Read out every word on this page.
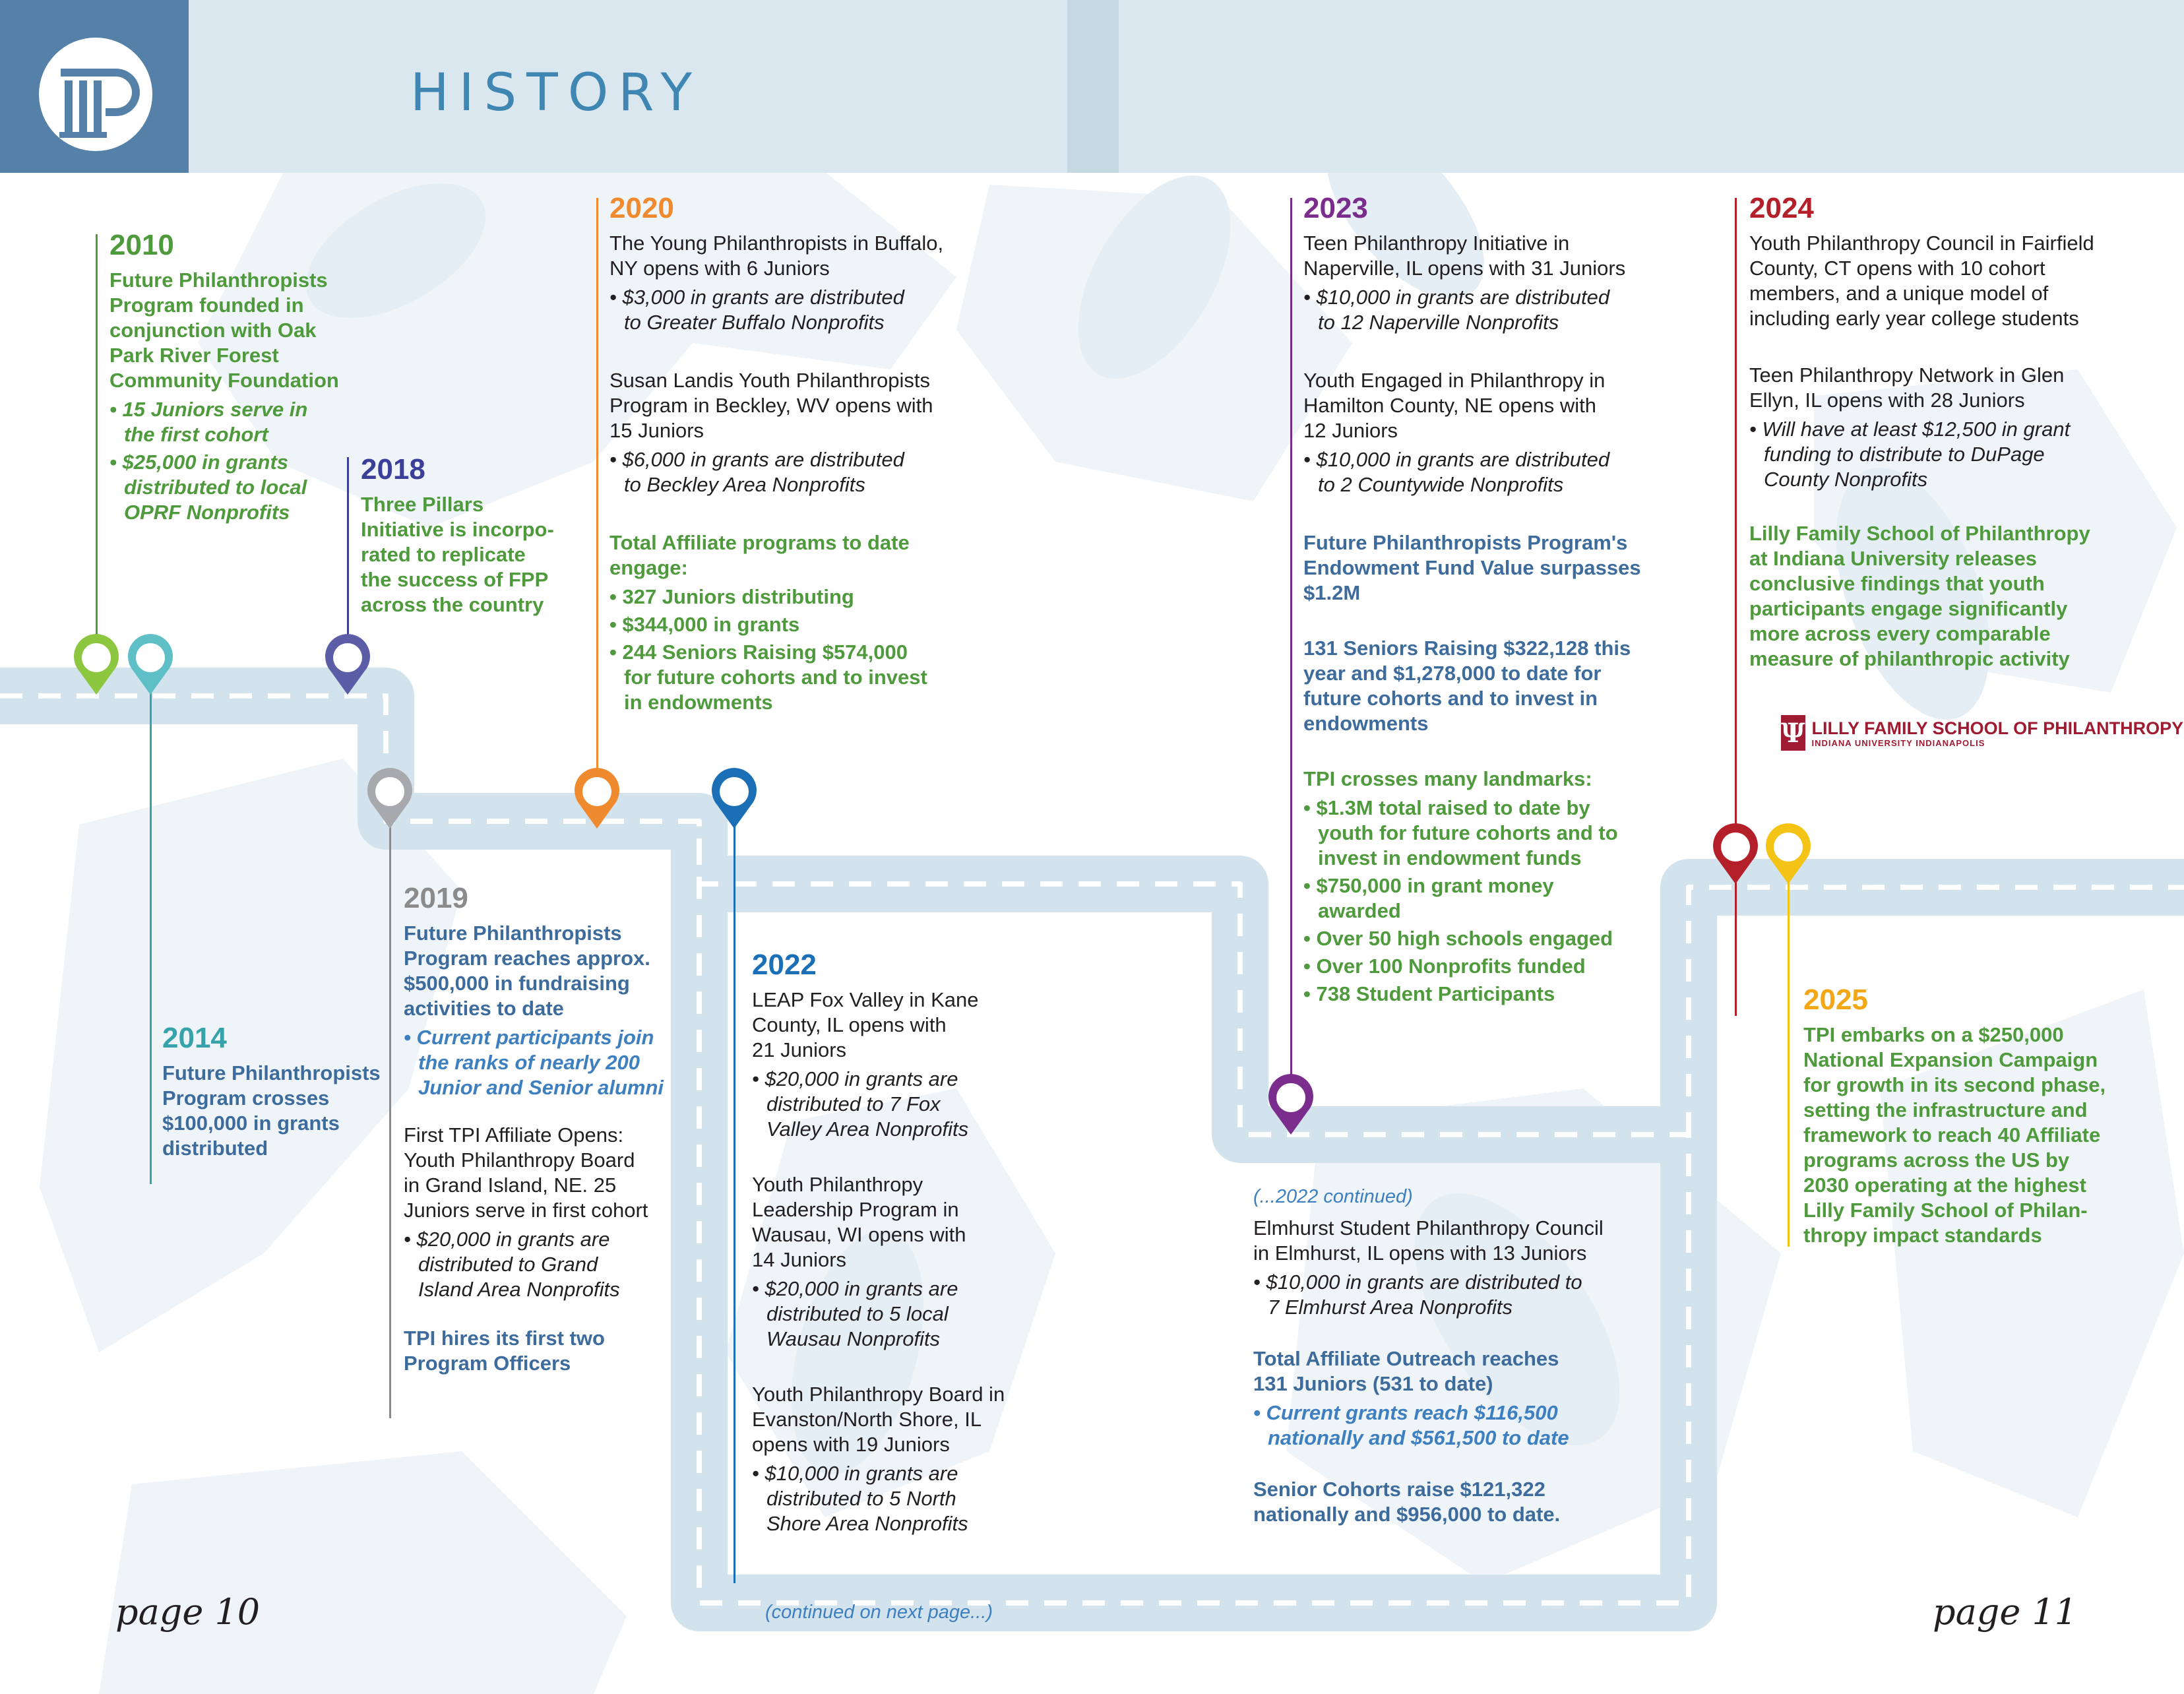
HISTORY
2010
Future Philanthropists
Program founded in
conjunction with Oak
Park River Forest
Community Foundation
• 15 Juniors serve in
the first cohort
• $25,000 in grants
distributed to local
OPRF Nonprofits
2014
Future Philanthropists
Program crosses
$100,000 in grants
distributed
2018
Three Pillars
Initiative is incorpo-
rated to replicate
the success of FPP
across the country
2019
Future Philanthropists
Program reaches approx.
$500,000 in fundraising
activities to date
• Current participants join
the ranks of nearly 200
Junior and Senior alumni
First TPI Affiliate Opens:
Youth Philanthropy Board
in Grand Island, NE. 25
Juniors serve in first cohort
• $20,000 in grants are
distributed to Grand
Island Area Nonprofits
TPI hires its first two
Program Officers
2020
The Young Philanthropists in Buffalo,
NY opens with 6 Juniors
• $3,000 in grants are distributed
to Greater Buffalo Nonprofits
Susan Landis Youth Philanthropists
Program in Beckley, WV opens with
15 Juniors
• $6,000 in grants are distributed
to Beckley Area Nonprofits
Total Affiliate programs to date
engage:
• 327 Juniors distributing
• $344,000 in grants
• 244 Seniors Raising $574,000
for future cohorts and to invest
in endowments
2022
LEAP Fox Valley in Kane
County, IL opens with
21 Juniors
• $20,000 in grants are
distributed to 7 Fox
Valley Area Nonprofits
Youth Philanthropy
Leadership Program in
Wausau, WI opens with
14 Juniors
• $20,000 in grants are
distributed to 5 local
Wausau Nonprofits
Youth Philanthropy Board in
Evanston/North Shore, IL
opens with 19 Juniors
• $10,000 in grants are
distributed to 5 North
Shore Area Nonprofits
(continued on next page...)
(...2022 continued)
Elmhurst Student Philanthropy Council
in Elmhurst, IL opens with 13 Juniors
• $10,000 in grants are distributed to
7 Elmhurst Area Nonprofits
Total Affiliate Outreach reaches
131 Juniors (531 to date)
• Current grants reach $116,500
nationally and $561,500 to date
Senior Cohorts raise $121,322
nationally and $956,000 to date.
2023
Teen Philanthropy Initiative in
Naperville, IL opens with 31 Juniors
• $10,000 in grants are distributed
to 12 Naperville Nonprofits
Youth Engaged in Philanthropy in
Hamilton County, NE opens with
12 Juniors
• $10,000 in grants are distributed
to 2 Countywide Nonprofits
Future Philanthropists Program's
Endowment Fund Value surpasses
$1.2M
131 Seniors Raising $322,128 this
year and $1,278,000 to date for
future cohorts and to invest in
endowments
TPI crosses many landmarks:
• $1.3M total raised to date by
youth for future cohorts and to
invest in endowment funds
• $750,000 in grant money
awarded
• Over 50 high schools engaged
• Over 100 Nonprofits funded
• 738 Student Participants
2024
Youth Philanthropy Council in Fairfield
County, CT opens with 10 cohort
members, and a unique model of
including early year college students
Teen Philanthropy Network in Glen
Ellyn, IL opens with 28 Juniors
• Will have at least $12,500 in grant
funding to distribute to DuPage
County Nonprofits
Lilly Family School of Philanthropy
at Indiana University releases
conclusive findings that youth
participants engage significantly
more across every comparable
measure of philanthropic activity
Ψ LILLY FAMILY SCHOOL OF PHILANTHROPY
INDIANA UNIVERSITY INDIANAPOLIS
2025
TPI embarks on a $250,000
National Expansion Campaign
for growth in its second phase,
setting the infrastructure and
framework to reach 40 Affiliate
programs across the US by
2030 operating at the highest
Lilly Family School of Philan-
thropy impact standards
page 10	page 11
